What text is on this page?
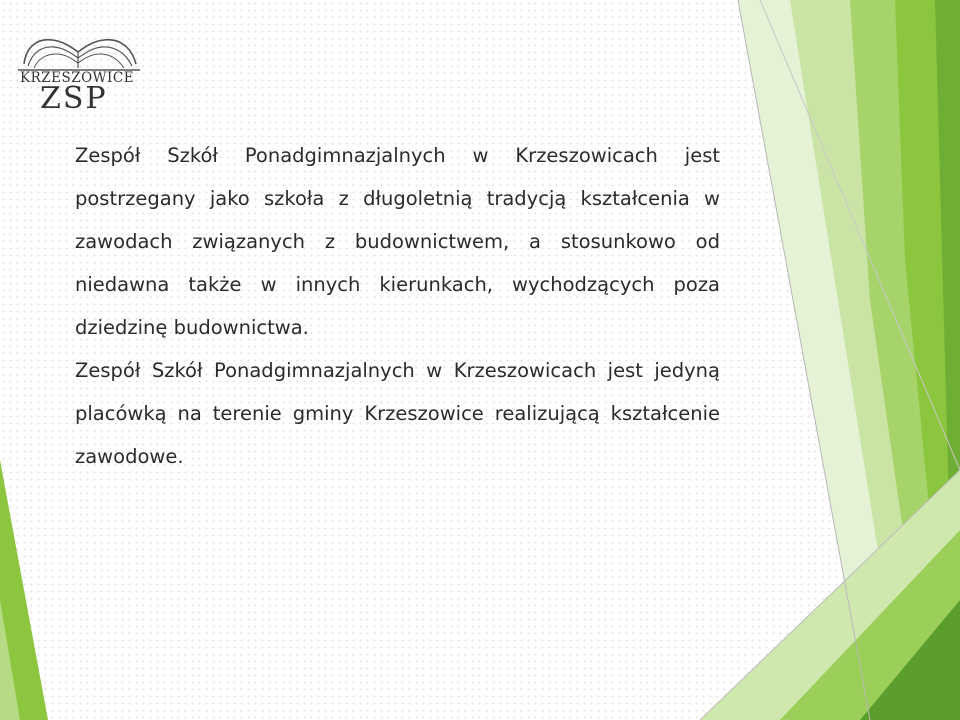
KRZESZOWICE
ZSP

Zespół Szkół Ponadgimnazjalnych w Krzeszowicach jest postrzegany jako szkoła z długoletnią tradycją kształcenia w zawodach związanych z budownictwem, a stosunkowo od niedawna także w innych kierunkach, wychodzących poza dziedzinę budownictwa.

Zespół Szkół Ponadgimnazjalnych w Krzeszowicach jest jedyną placówką na terenie gminy Krzeszowice realizującą kształcenie zawodowe.
